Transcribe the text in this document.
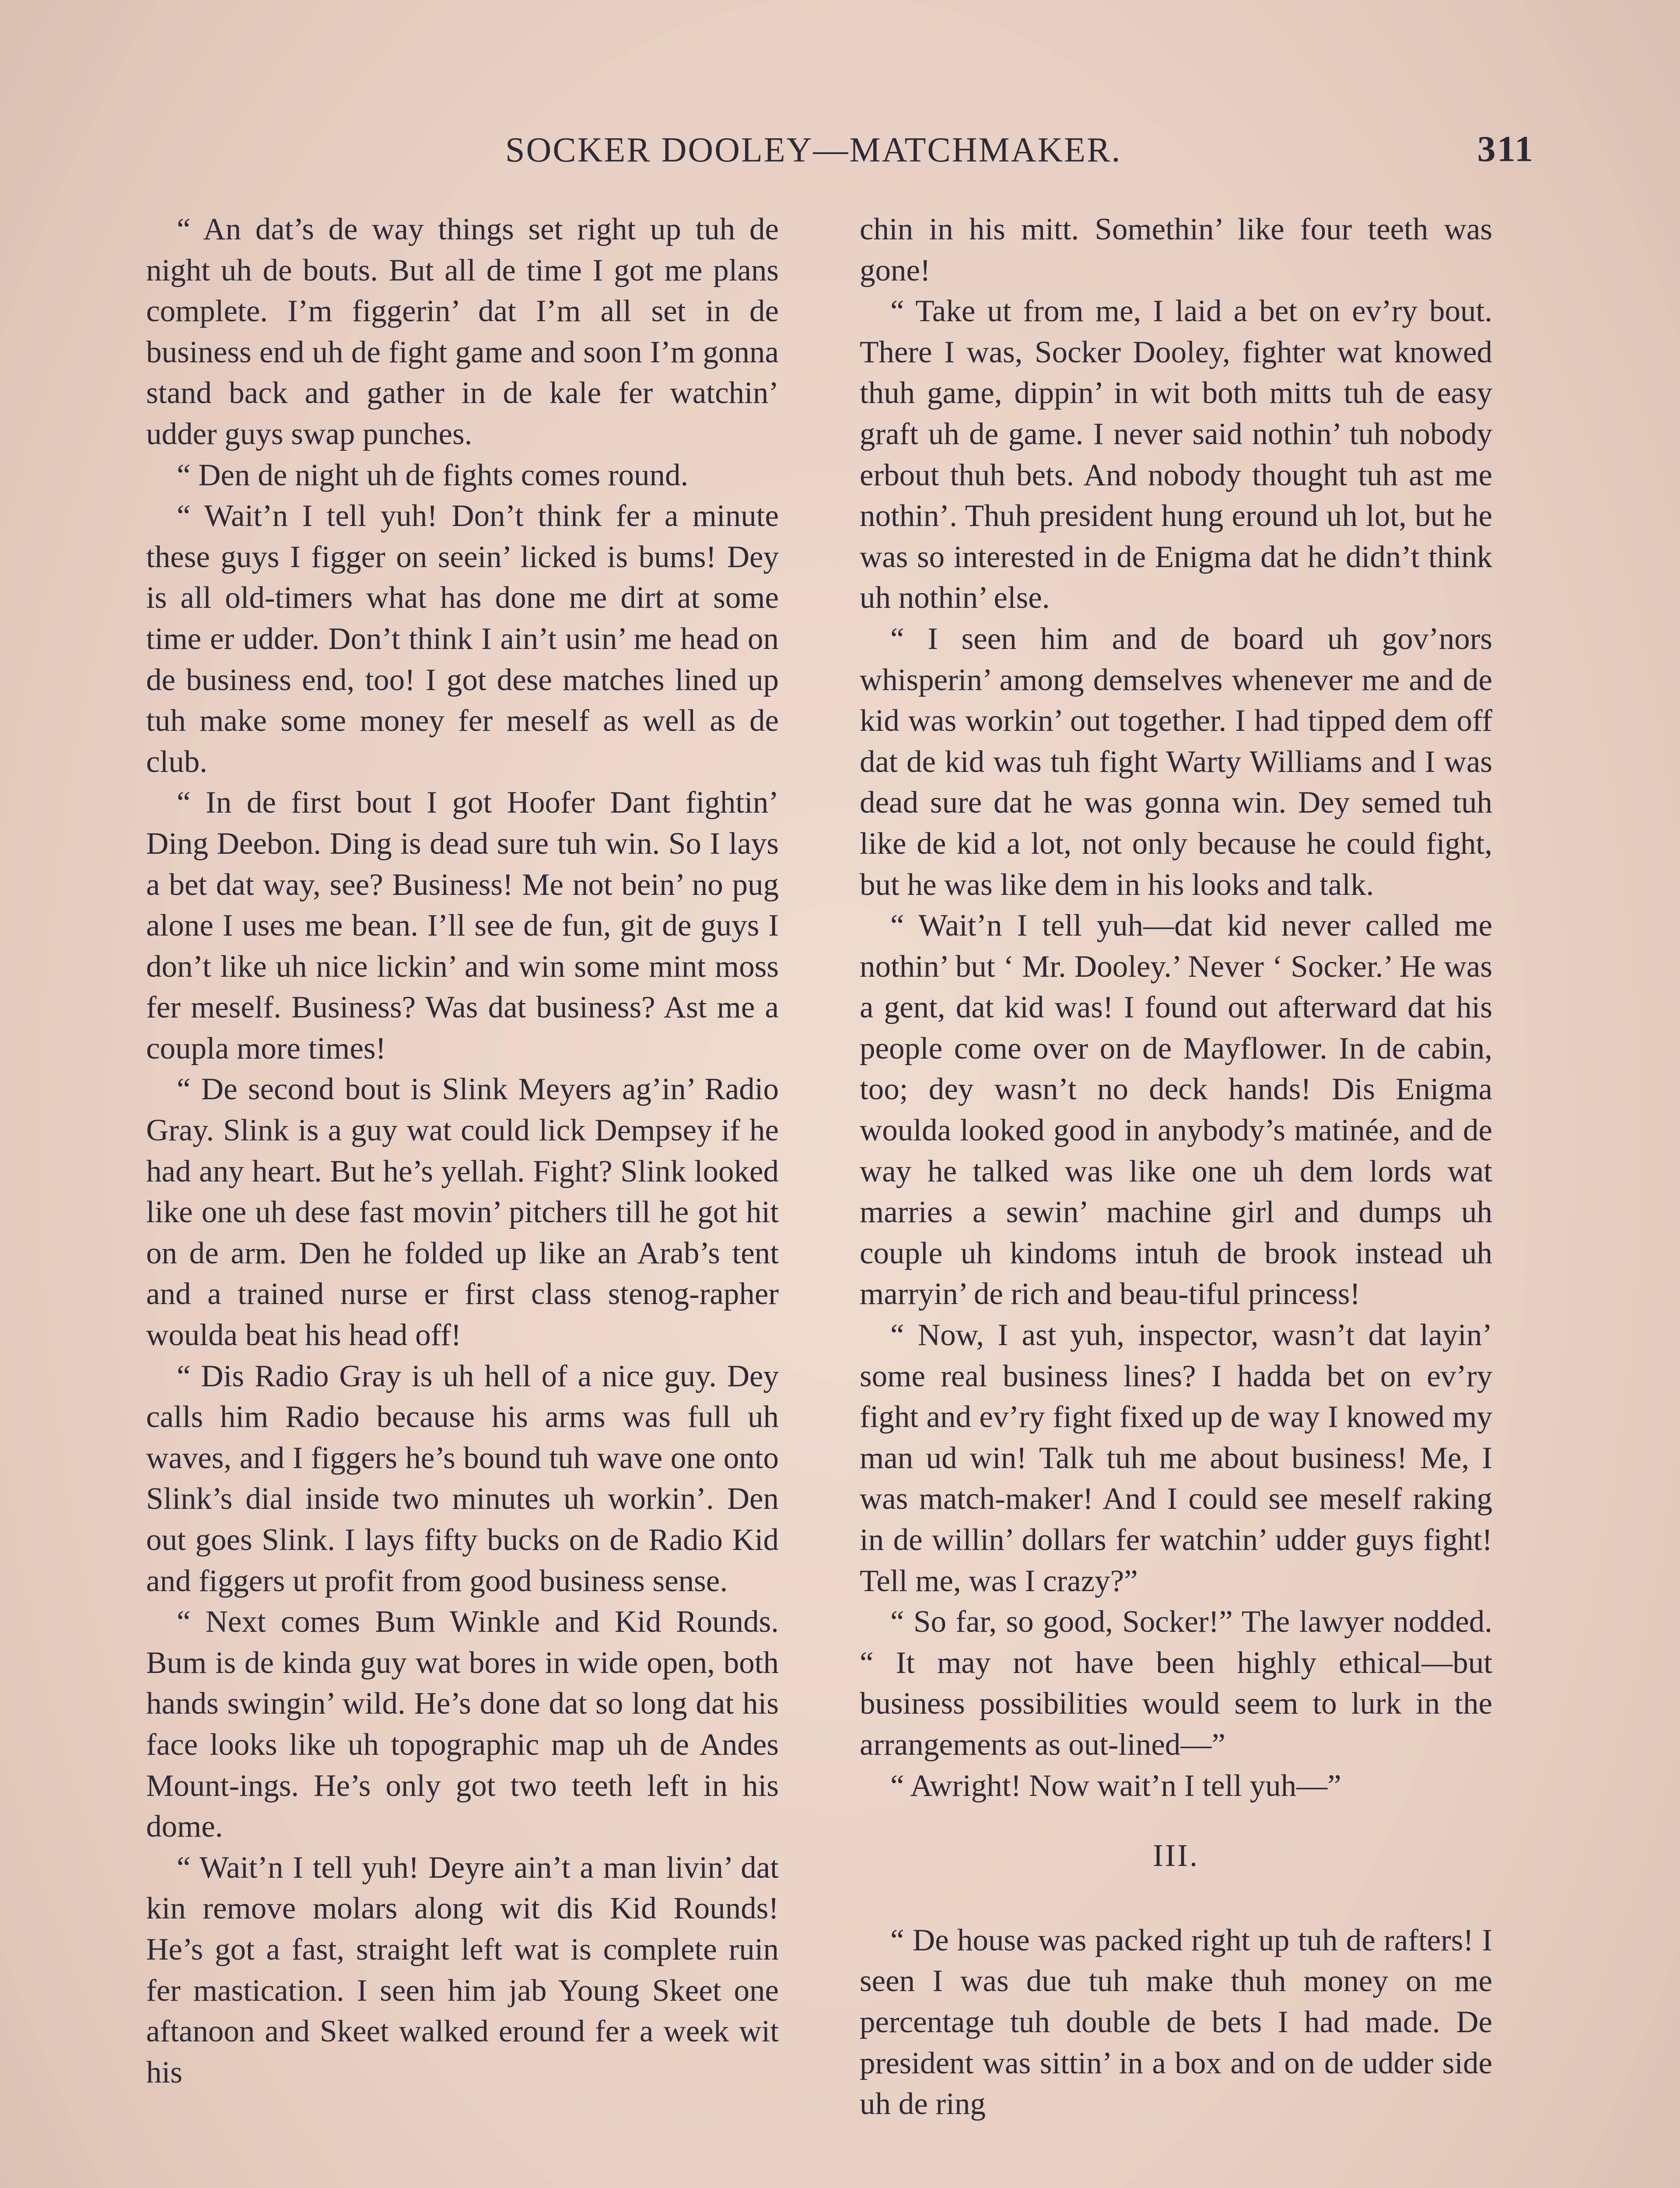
SOCKER DOOLEY—MATCHMAKER.	311

“ An dat’s de way things set right up tuh de night uh de bouts. But all de time I got me plans complete. I’m figgerin’ dat I’m all set in de business end uh de fight game and soon I’m gonna stand back and gather in de kale fer watchin’ udder guys swap punches.

“ Den de night uh de fights comes round.

“ Wait’n I tell yuh! Don’t think fer a minute these guys I figger on seein’ licked is bums! Dey is all old-timers what has done me dirt at some time er udder. Don’t think I ain’t usin’ me head on de business end, too! I got dese matches lined up tuh make some money fer meself as well as de club.

“ In de first bout I got Hoofer Dant fightin’ Ding Deebon. Ding is dead sure tuh win. So I lays a bet dat way, see? Business! Me not bein’ no pug alone I uses me bean. I’ll see de fun, git de guys I don’t like uh nice lickin’ and win some mint moss fer meself. Business? Was dat business? Ast me a coupla more times!

“ De second bout is Slink Meyers ag’in’ Radio Gray. Slink is a guy wat could lick Dempsey if he had any heart. But he’s yellah. Fight? Slink looked like one uh dese fast movin’ pitchers till he got hit on de arm. Den he folded up like an Arab’s tent and a trained nurse er first class stenog-rapher woulda beat his head off!

“ Dis Radio Gray is uh hell of a nice guy. Dey calls him Radio because his arms was full uh waves, and I figgers he’s bound tuh wave one onto Slink’s dial inside two minutes uh workin’. Den out goes Slink. I lays fifty bucks on de Radio Kid and figgers ut profit from good business sense.

“ Next comes Bum Winkle and Kid Rounds. Bum is de kinda guy wat bores in wide open, both hands swingin’ wild. He’s done dat so long dat his face looks like uh topographic map uh de Andes Mount-ings. He’s only got two teeth left in his dome.

“ Wait’n I tell yuh! Deyre ain’t a man livin’ dat kin remove molars along wit dis Kid Rounds! He’s got a fast, straight left wat is complete ruin fer mastication. I seen him jab Young Skeet one aftanoon and Skeet walked eround fer a week wit his

chin in his mitt. Somethin’ like four teeth was gone!

“ Take ut from me, I laid a bet on ev’ry bout. There I was, Socker Dooley, fighter wat knowed thuh game, dippin’ in wit both mitts tuh de easy graft uh de game. I never said nothin’ tuh nobody erbout thuh bets. And nobody thought tuh ast me nothin’. Thuh president hung eround uh lot, but he was so interested in de Enigma dat he didn’t think uh nothin’ else.

“ I seen him and de board uh gov’nors whisperin’ among demselves whenever me and de kid was workin’ out together. I had tipped dem off dat de kid was tuh fight Warty Williams and I was dead sure dat he was gonna win. Dey semed tuh like de kid a lot, not only because he could fight, but he was like dem in his looks and talk.

“ Wait’n I tell yuh—dat kid never called me nothin’ but ‘ Mr. Dooley.’ Never ‘ Socker.’ He was a gent, dat kid was! I found out afterward dat his people come over on de Mayflower. In de cabin, too; dey wasn’t no deck hands! Dis Enigma woulda looked good in anybody’s matinée, and de way he talked was like one uh dem lords wat marries a sewin’ machine girl and dumps uh couple uh kindoms intuh de brook instead uh marryin’ de rich and beau-tiful princess!

“ Now, I ast yuh, inspector, wasn’t dat layin’ some real business lines? I hadda bet on ev’ry fight and ev’ry fight fixed up de way I knowed my man ud win! Talk tuh me about business! Me, I was match-maker! And I could see meself raking in de willin’ dollars fer watchin’ udder guys fight! Tell me, was I crazy?”

“ So far, so good, Socker!” The lawyer nodded. “ It may not have been highly ethical—but business possibilities would seem to lurk in the arrangements as out-lined—”

“ Awright! Now wait’n I tell yuh—”

III.

“ De house was packed right up tuh de rafters! I seen I was due tuh make thuh money on me percentage tuh double de bets I had made. De president was sittin’ in a box and on de udder side uh de ring
